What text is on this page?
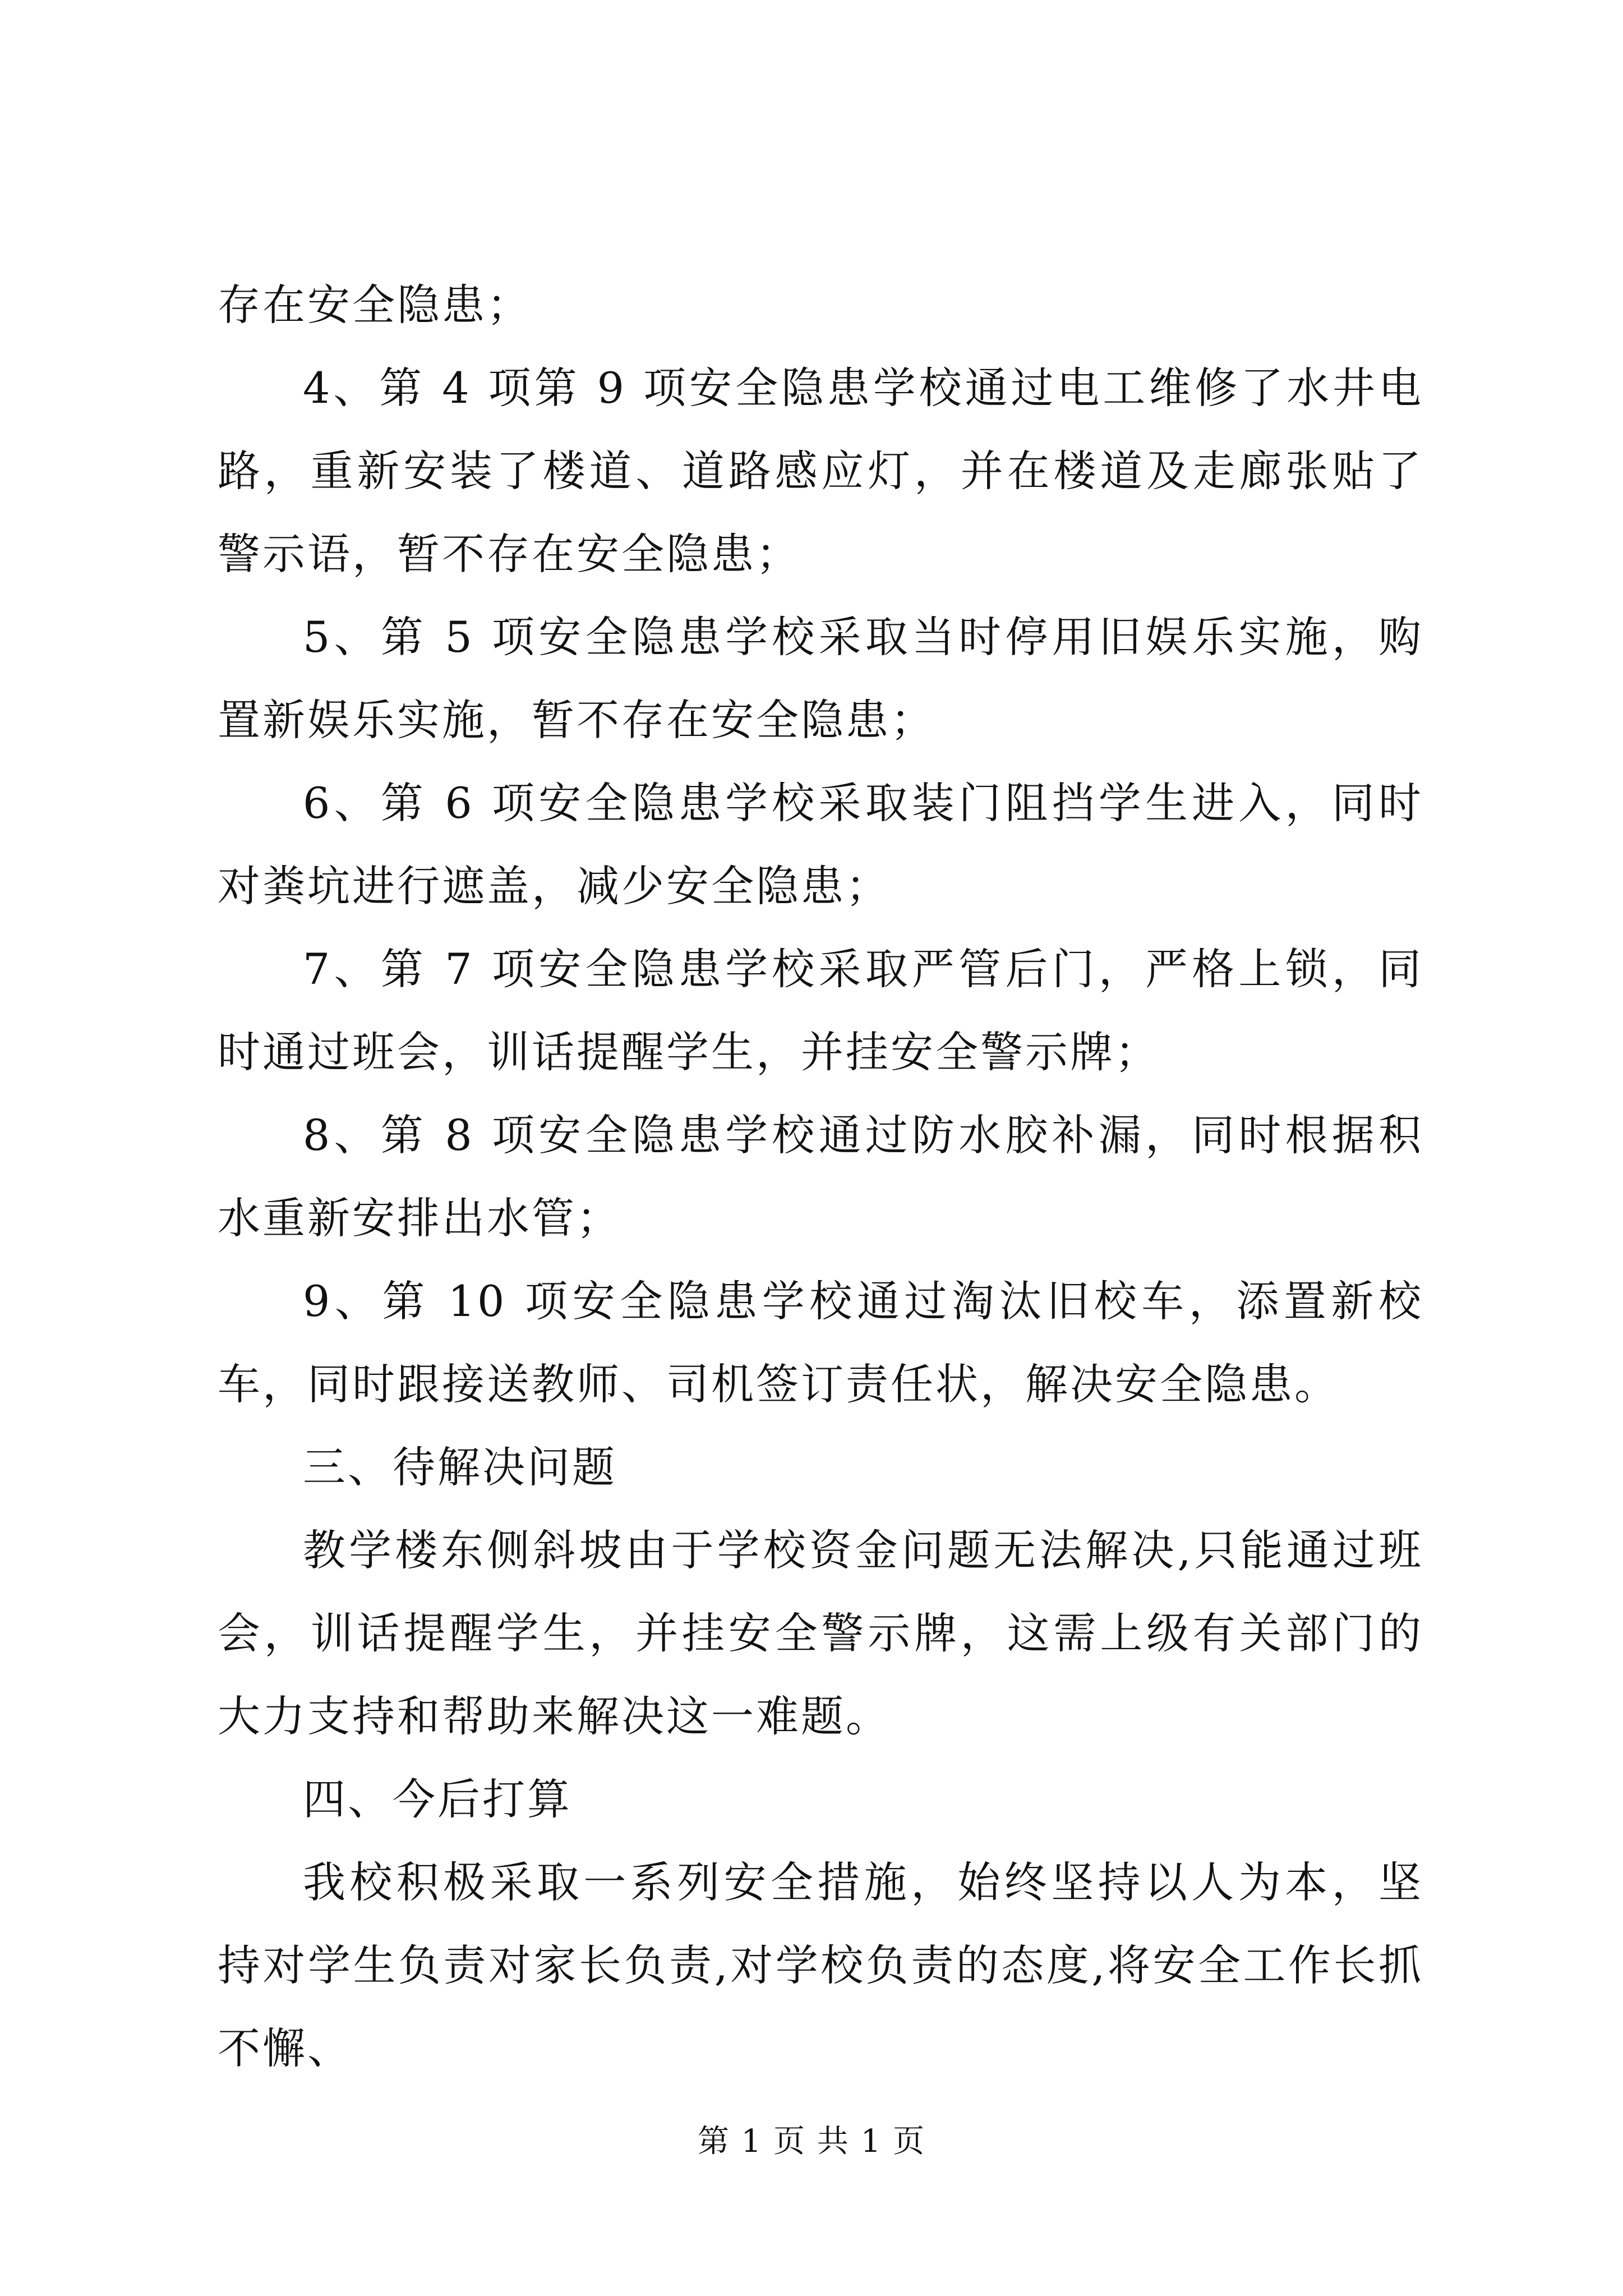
存在安全隐患；

4、第 4 项第 9 项安全隐患学校通过电工维修了水井电路，重新安装了楼道、道路感应灯，并在楼道及走廊张贴了警示语，暂不存在安全隐患；

5、第 5 项安全隐患学校采取当时停用旧娱乐实施，购置新娱乐实施，暂不存在安全隐患；

6、第 6 项安全隐患学校采取装门阻挡学生进入，同时对粪坑进行遮盖，减少安全隐患；

7、第 7 项安全隐患学校采取严管后门，严格上锁，同时通过班会，训话提醒学生，并挂安全警示牌；

8、第 8 项安全隐患学校通过防水胶补漏，同时根据积水重新安排出水管；

9、第 10 项安全隐患学校通过淘汰旧校车，添置新校车，同时跟接送教师、司机签订责任状，解决安全隐患。

三、待解决问题

教学楼东侧斜坡由于学校资金问题无法解决,只能通过班会，训话提醒学生，并挂安全警示牌，这需上级有关部门的大力支持和帮助来解决这一难题。

四、今后打算

我校积极采取一系列安全措施，始终坚持以人为本，坚持对学生负责对家长负责,对学校负责的态度,将安全工作长抓不懈、

第 1 页 共 1 页
